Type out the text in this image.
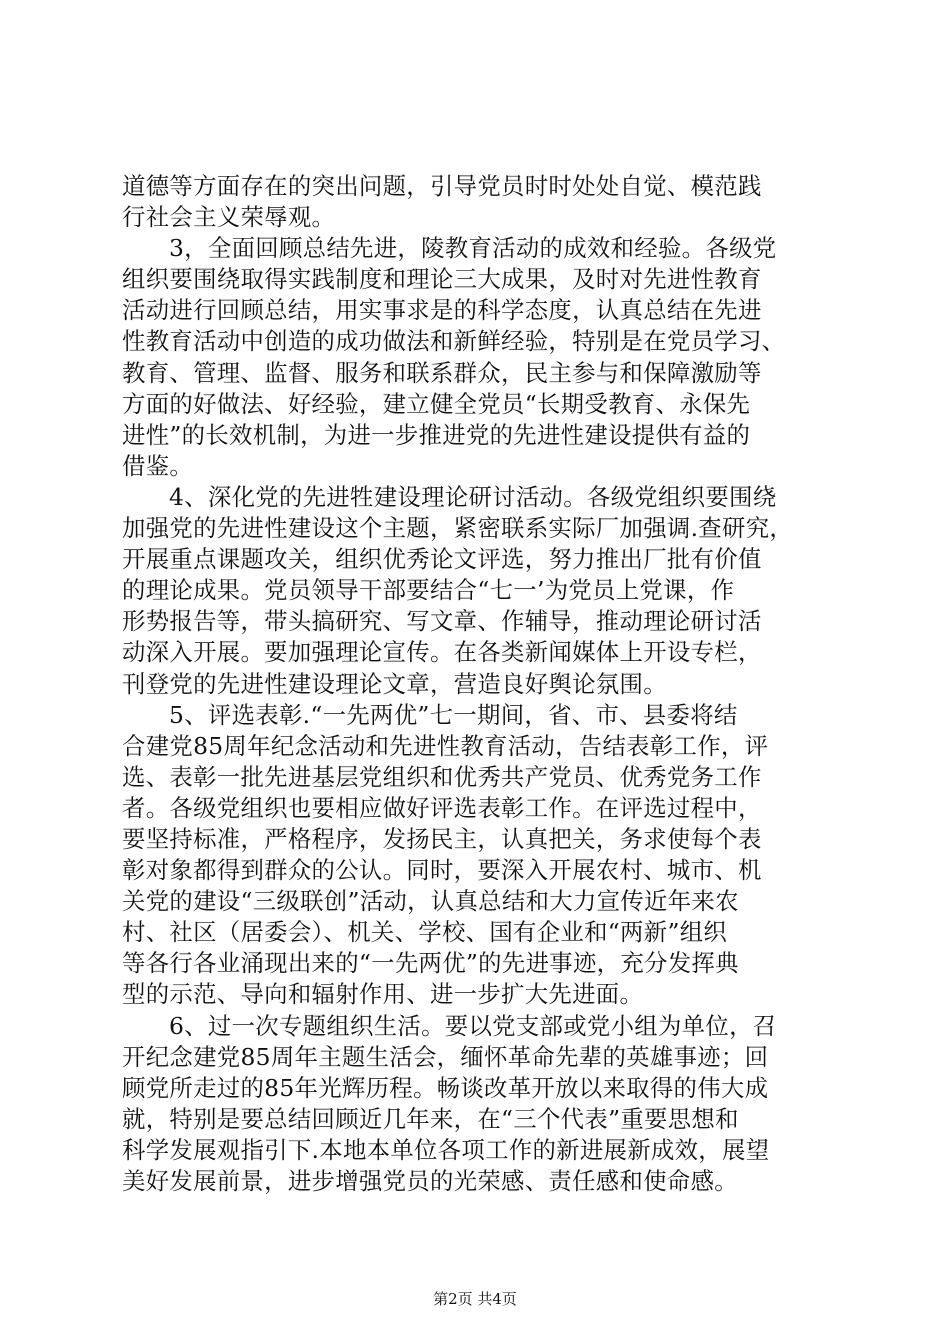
道德等方面存在的突出问题，引导党员时时处处自觉、模范践
行社会主义荣辱观。
3，全面回顾总结先进，陵教育活动的成效和经验。各级党
组织要围绕取得实践制度和理论三大成果，及时对先进性教育
活动进行回顾总结，用实事求是的科学态度，认真总结在先进
性教育活动中创造的成功做法和新鲜经验，特别是在党员学习、
教育、管理、监督、服务和联系群众，民主参与和保障激励等
方面的好做法、好经验，建立健全党员“长期受教育、永保先
进性”的长效机制，为进一步推进党的先进性建设提供有益的
借鉴。
4、深化党的先进牲建设理论研讨活动。各级党组织要围绕
加强党的先进性建设这个主题，紧密联系实际厂加强调.查研究，
开展重点课题攻关，组织优秀论文评选，努力推出厂批有价值
的理论成果。党员领导干部要结合“七一’为党员上党课，作
形势报告等，带头搞研究、写文章、作辅导，推动理论研讨活
动深入开展。要加强理论宣传。在各类新闻媒体上开设专栏，
刊登党的先进性建设理论文章，营造良好舆论氛围。
5、评选表彰.“一先两优”七一期间，省、市、县委将结
合建党85周年纪念活动和先进性教育活动，告结表彰工作，评
选、表彰一批先进基层党组织和优秀共产党员、优秀党务工作
者。各级党组织也要相应做好评选表彰工作。在评选过程中，
要坚持标准，严格程序，发扬民主，认真把关，务求使每个表
彰对象都得到群众的公认。同时，要深入开展农村、城市、机
关党的建设“三级联创”活动，认真总结和大力宣传近年来农
村、社区（居委会）、机关、学校、国有企业和“两新”组织
等各行各业涌现出来的“一先两优”的先进事迹，充分发挥典
型的示范、导向和辐射作用、进一步扩大先进面。
6、过一次专题组织生活。要以党支部或党小组为单位，召
开纪念建党85周年主题生活会，缅怀革命先辈的英雄事迹；回
顾党所走过的85年光辉历程。畅谈改革开放以来取得的伟大成
就，特别是要总结回顾近几年来，在“三个代表”重要思想和
科学发展观指引下.本地本单位各项工作的新进展新成效，展望
美好发展前景，进步增强党员的光荣感、责任感和使命感。
第2页 共4页
